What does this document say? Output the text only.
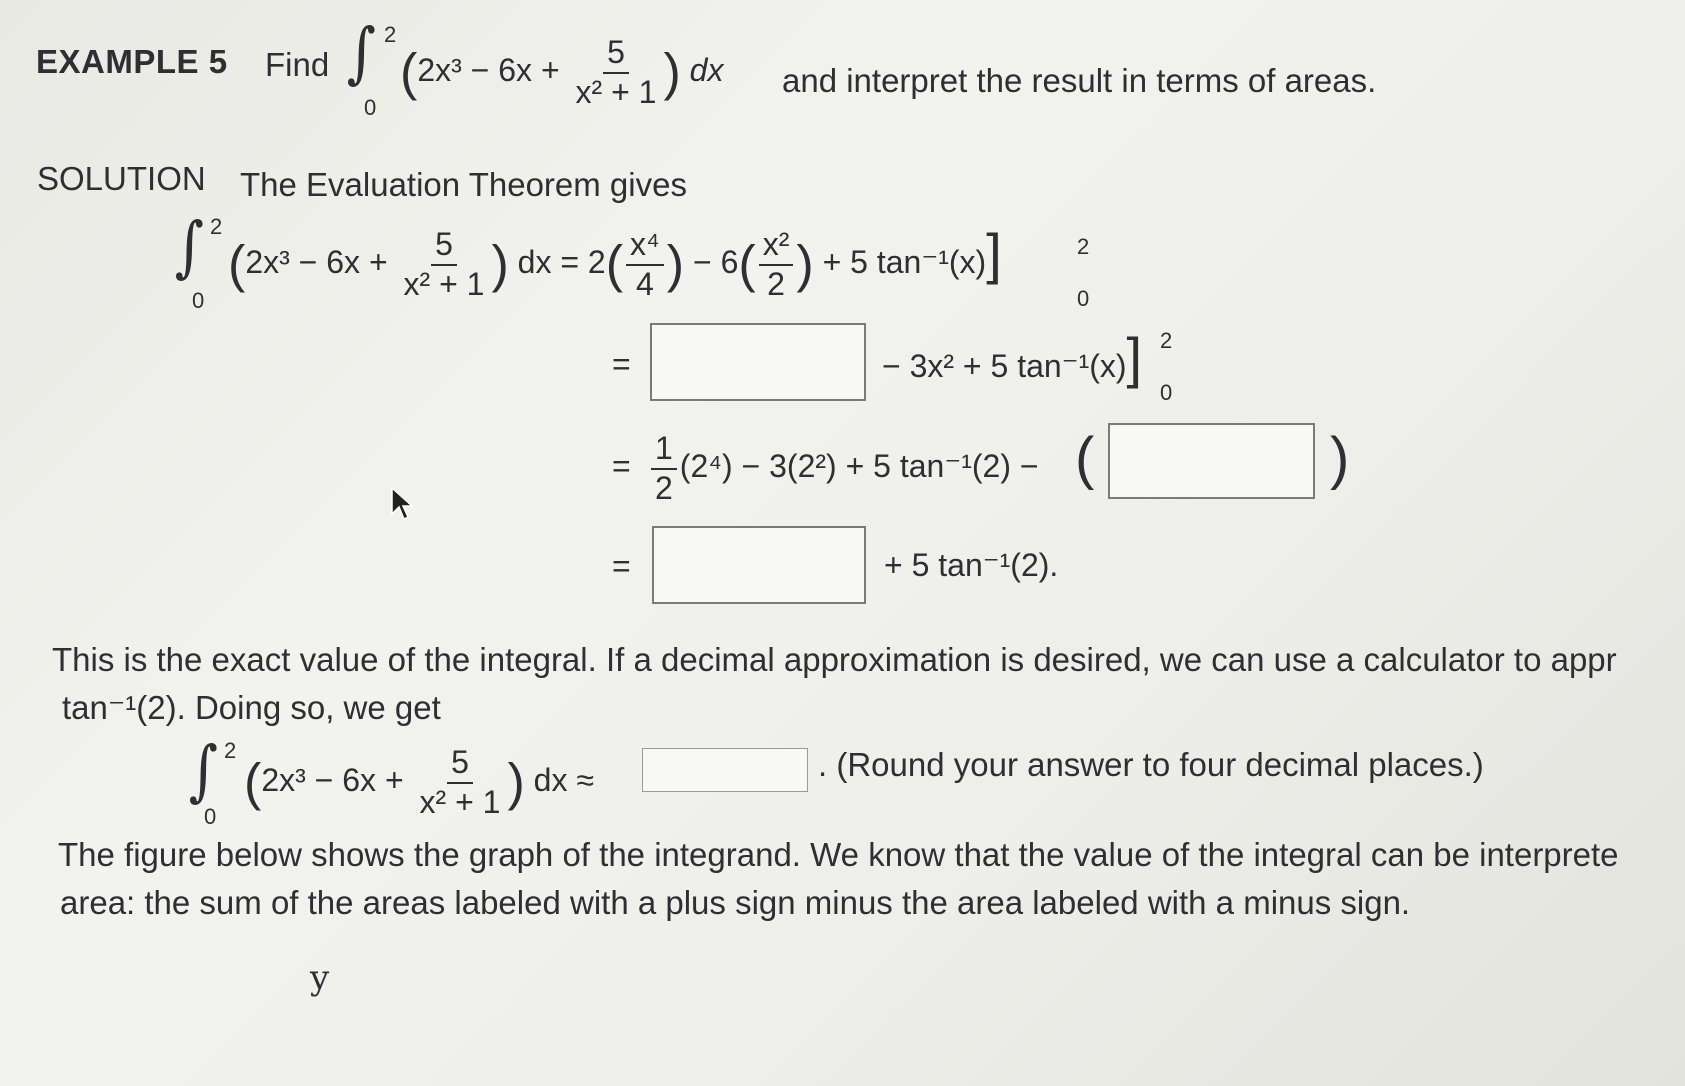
EXAMPLE 5 Find ∫ 2
0
($2x^3 - 6x + \frac{5}{\text{x² + 1}}$ ) dx and interpret the result in terms of areas.
SOLUTION The Evaluation Theorem gives
∫ 2
0
($2x^3 - 6x + \frac{5}{\text{x² + 1}}$ ) dx = $2( \frac{\text{x⁴}}{4}$ ) − $6( \frac{\text{x²}}{2}$ ) + 5 tan⁻¹(x)]	2
0
=	− 3x² + 5 tan⁻¹(x)] 2
0
= $\frac{1}{2} (2^4) - 3(2^2) + 5$ tan⁻¹(2) − (	)
=	+ 5 tan⁻¹(2).
This is the exact value of the integral. If a decimal approximation is desired, we can use a calculator to appr
tan⁻¹(2). Doing so, we get
∫ 2
0
($2x^3 - 6x + \frac{5}{\text{x² + 1}}$ ) dx ≈	. (Round your answer to four decimal places.)
The figure below shows the graph of the integrand. We know that the value of the integral can be interprete
area: the sum of the areas labeled with a plus sign minus the area labeled with a minus sign.
y
